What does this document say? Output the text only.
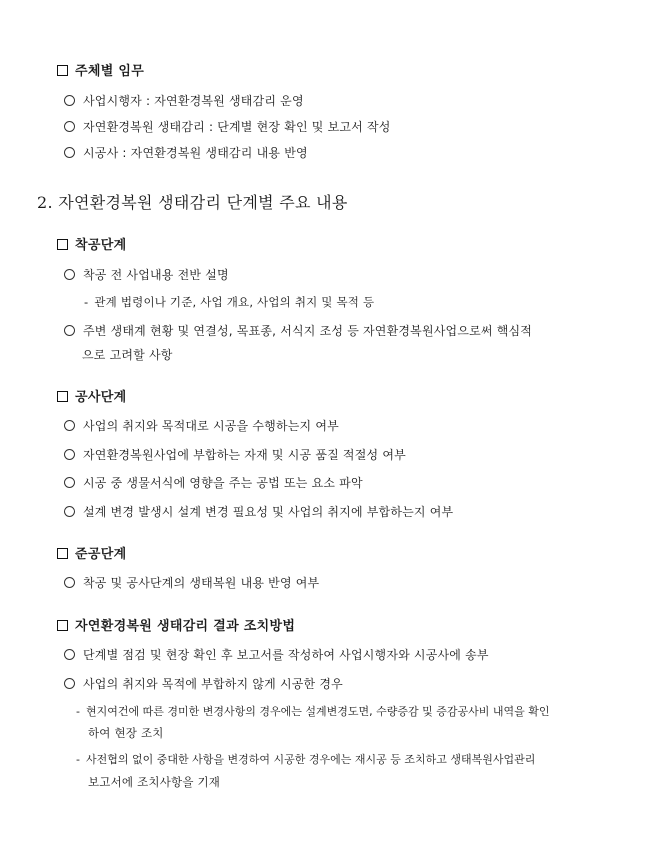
주체별 임무
사업시행자 : 자연환경복원 생태감리 운영
자연환경복원 생태감리 : 단계별 현장 확인 및 보고서 작성
시공사 : 자연환경복원 생태감리 내용 반영
2. 자연환경복원 생태감리 단계별 주요 내용
착공단계
착공 전 사업내용 전반 설명
- 관계 법령이나 기준, 사업 개요, 사업의 취지 및 목적 등
주변 생태계 현황 및 연결성, 목표종, 서식지 조성 등 자연환경복원사업으로써 핵심적
으로 고려할 사항
공사단계
사업의 취지와 목적대로 시공을 수행하는지 여부
자연환경복원사업에 부합하는 자재 및 시공 품질 적절성 여부
시공 중 생물서식에 영향을 주는 공법 또는 요소 파악
설계 변경 발생시 설계 변경 필요성 및 사업의 취지에 부합하는지 여부
준공단계
착공 및 공사단계의 생태복원 내용 반영 여부
자연환경복원 생태감리 결과 조치방법
단계별 점검 및 현장 확인 후 보고서를 작성하여 사업시행자와 시공사에 송부
사업의 취지와 목적에 부합하지 않게 시공한 경우
- 현지여건에 따른 경미한 변경사항의 경우에는 설계변경도면, 수량증감 및 증감공사비 내역을 확인
하여 현장 조치
- 사전협의 없이 중대한 사항을 변경하여 시공한 경우에는 재시공 등 조치하고 생태복원사업관리
보고서에 조치사항을 기재
